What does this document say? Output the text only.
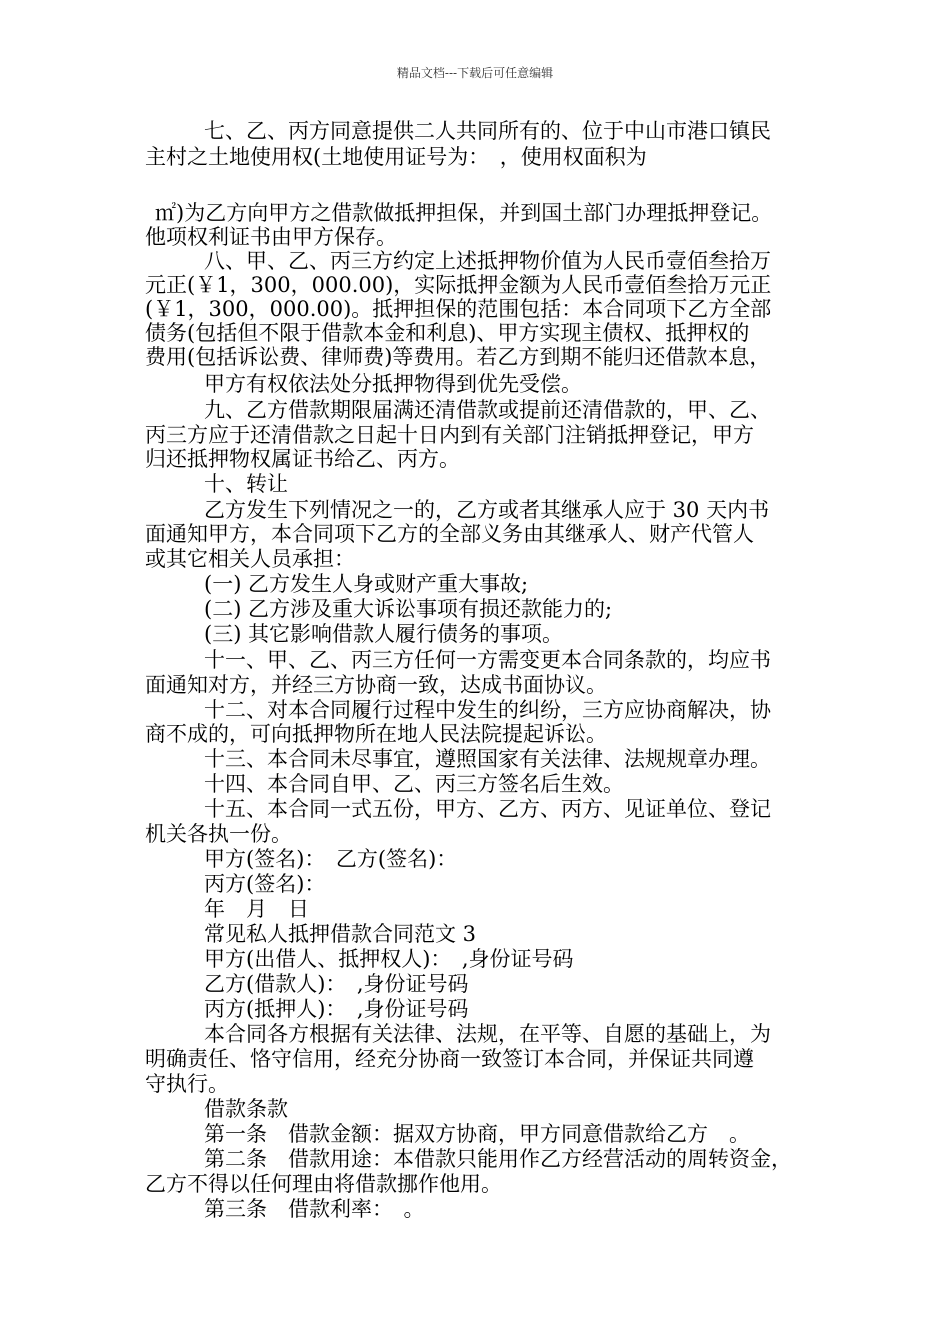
精品文档---下载后可任意编辑
七、乙、丙方同意提供二人共同所有的、位于中山市港口镇民
主村之土地使用权(土地使用证号为：　，使用权面积为
㎡)为乙方向甲方之借款做抵押担保，并到国土部门办理抵押登记。
他项权利证书由甲方保存。
八、甲、乙、丙三方约定上述抵押物价值为人民币壹佰叁拾万
元正(￥1，300，000.00)，实际抵押金额为人民币壹佰叁拾万元正
(￥1，300，000.00)。抵押担保的范围包括：本合同项下乙方全部
债务(包括但不限于借款本金和利息)、甲方实现主债权、抵押权的
费用(包括诉讼费、律师费)等费用。若乙方到期不能归还借款本息，
甲方有权依法处分抵押物得到优先受偿。
九、乙方借款期限届满还清借款或提前还清借款的，甲、乙、
丙三方应于还清借款之日起十日内到有关部门注销抵押登记，甲方
归还抵押物权属证书给乙、丙方。
十、转让
乙方发生下列情况之一的，乙方或者其继承人应于 30 天内书
面通知甲方，本合同项下乙方的全部义务由其继承人、财产代管人
或其它相关人员承担：
(一) 乙方发生人身或财产重大事故;
(二) 乙方涉及重大诉讼事项有损还款能力的;
(三) 其它影响借款人履行债务的事项。
十一、甲、乙、丙三方任何一方需变更本合同条款的，均应书
面通知对方，并经三方协商一致，达成书面协议。
十二、对本合同履行过程中发生的纠纷，三方应协商解决，协
商不成的，可向抵押物所在地人民法院提起诉讼。
十三、本合同未尽事宜，遵照国家有关法律、法规规章办理。
十四、本合同自甲、乙、丙三方签名后生效。
十五、本合同一式五份，甲方、乙方、丙方、见证单位、登记
机关各执一份。
甲方(签名)：　乙方(签名)：
丙方(签名)：
年　月　日
常见私人抵押借款合同范文 3
甲方(出借人、抵押权人)：　,身份证号码
乙方(借款人)：　,身份证号码
丙方(抵押人)：　,身份证号码
本合同各方根据有关法律、法规，在平等、自愿的基础上，为
明确责任、恪守信用，经充分协商一致签订本合同，并保证共同遵
守执行。
借款条款
第一条　借款金额：据双方协商，甲方同意借款给乙方　。
第二条　借款用途：本借款只能用作乙方经营活动的周转资金，
乙方不得以任何理由将借款挪作他用。
第三条　借款利率：　。
